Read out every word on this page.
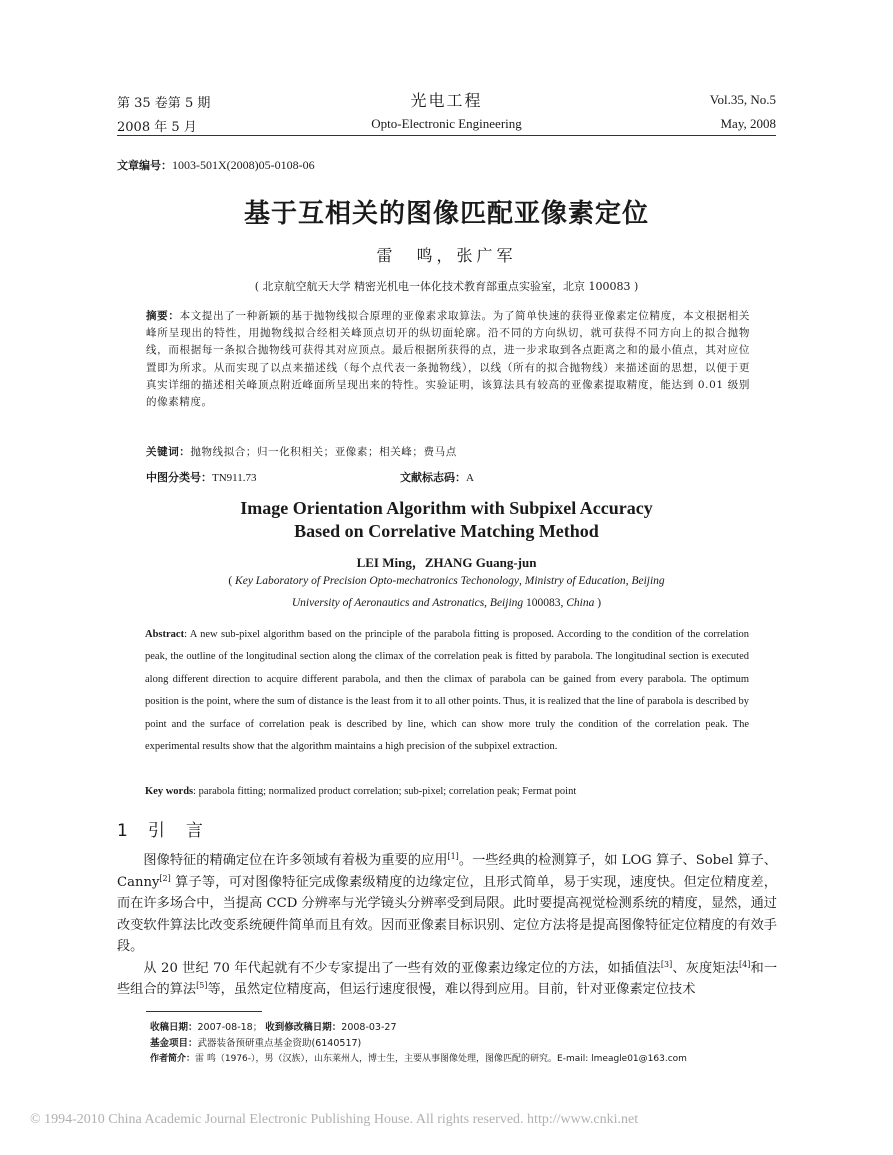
第 35 卷第 5 期	光电工程	Vol.35, No.5
2008 年 5 月	Opto-Electronic Engineering	May, 2008
文章编号：1003-501X(2008)05-0108-06
基于互相关的图像匹配亚像素定位
雷　鸣，张广军
( 北京航空航天大学 精密光机电一体化技术教育部重点实验室，北京 100083 )
摘要：本文提出了一种新颖的基于抛物线拟合原理的亚像素求取算法。为了简单快速的获得亚像素定位精度，本文根据相关峰所呈现出的特性，用抛物线拟合经相关峰顶点切开的纵切面轮廓。沿不同的方向纵切，就可获得不同方向上的拟合抛物线，而根据每一条拟合抛物线可获得其对应顶点。最后根据所获得的点，进一步求取到各点距离之和的最小值点，其对应位置即为所求。从而实现了以点来描述线（每个点代表一条抛物线），以线（所有的拟合抛物线）来描述面的思想，以便于更真实详细的描述相关峰顶点附近峰面所呈现出来的特性。实验证明，该算法具有较高的亚像素提取精度，能达到 0.01 级别的像素精度。
关键词：抛物线拟合；归一化积相关；亚像素；相关峰；费马点
中图分类号：TN911.73	文献标志码：A
Image Orientation Algorithm with Subpixel Accuracy
Based on Correlative Matching Method
LEI Ming，ZHANG Guang-jun
( Key Laboratory of Precision Opto-mechatronics Techonology, Ministry of Education, Beijing
University of Aeronautics and Astronatics, Beijing 100083, China )
Abstract: A new sub-pixel algorithm based on the principle of the parabola fitting is proposed. According to the condition of the correlation peak, the outline of the longitudinal section along the climax of the correlation peak is fitted by parabola. The longitudinal section is executed along different direction to acquire different parabola, and then the climax of parabola can be gained from every parabola. The optimum position is the point, where the sum of distance is the least from it to all other points. Thus, it is realized that the line of parabola is described by point and the surface of correlation peak is described by line, which can show more truly the condition of the correlation peak. The experimental results show that the algorithm maintains a high precision of the subpixel extraction.
Key words: parabola fitting; normalized product correlation; sub-pixel; correlation peak; Fermat point
1 引　言

图像特征的精确定位在许多领域有着极为重要的应用[1]。一些经典的检测算子，如 LOG 算子、Sobel 算子、Canny[2] 算子等，可对图像特征完成像素级精度的边缘定位，且形式简单，易于实现，速度快。但定位精度差，而在许多场合中，当提高 CCD 分辨率与光学镜头分辨率受到局限。此时要提高视觉检测系统的精度，显然，通过改变软件算法比改变系统硬件简单而且有效。因而亚像素目标识别、定位方法将是提高图像特征定位精度的有效手段。

从 20 世纪 70 年代起就有不少专家提出了一些有效的亚像素边缘定位的方法，如插值法[3]、灰度矩法[4]和一些组合的算法[5]等，虽然定位精度高，但运行速度很慢，难以得到应用。目前，针对亚像素定位技术

收稿日期：2007-08-18； 收到修改稿日期：2008-03-27
基金项目：武器装备预研重点基金资助(6140517)
作者简介：雷 鸣（1976-），男（汉族），山东莱州人，博士生，主要从事图像处理，图像匹配的研究。E-mail: lmeagle01@163.com
© 1994-2010 China Academic Journal Electronic Publishing House. All rights reserved. http://www.cnki.net
